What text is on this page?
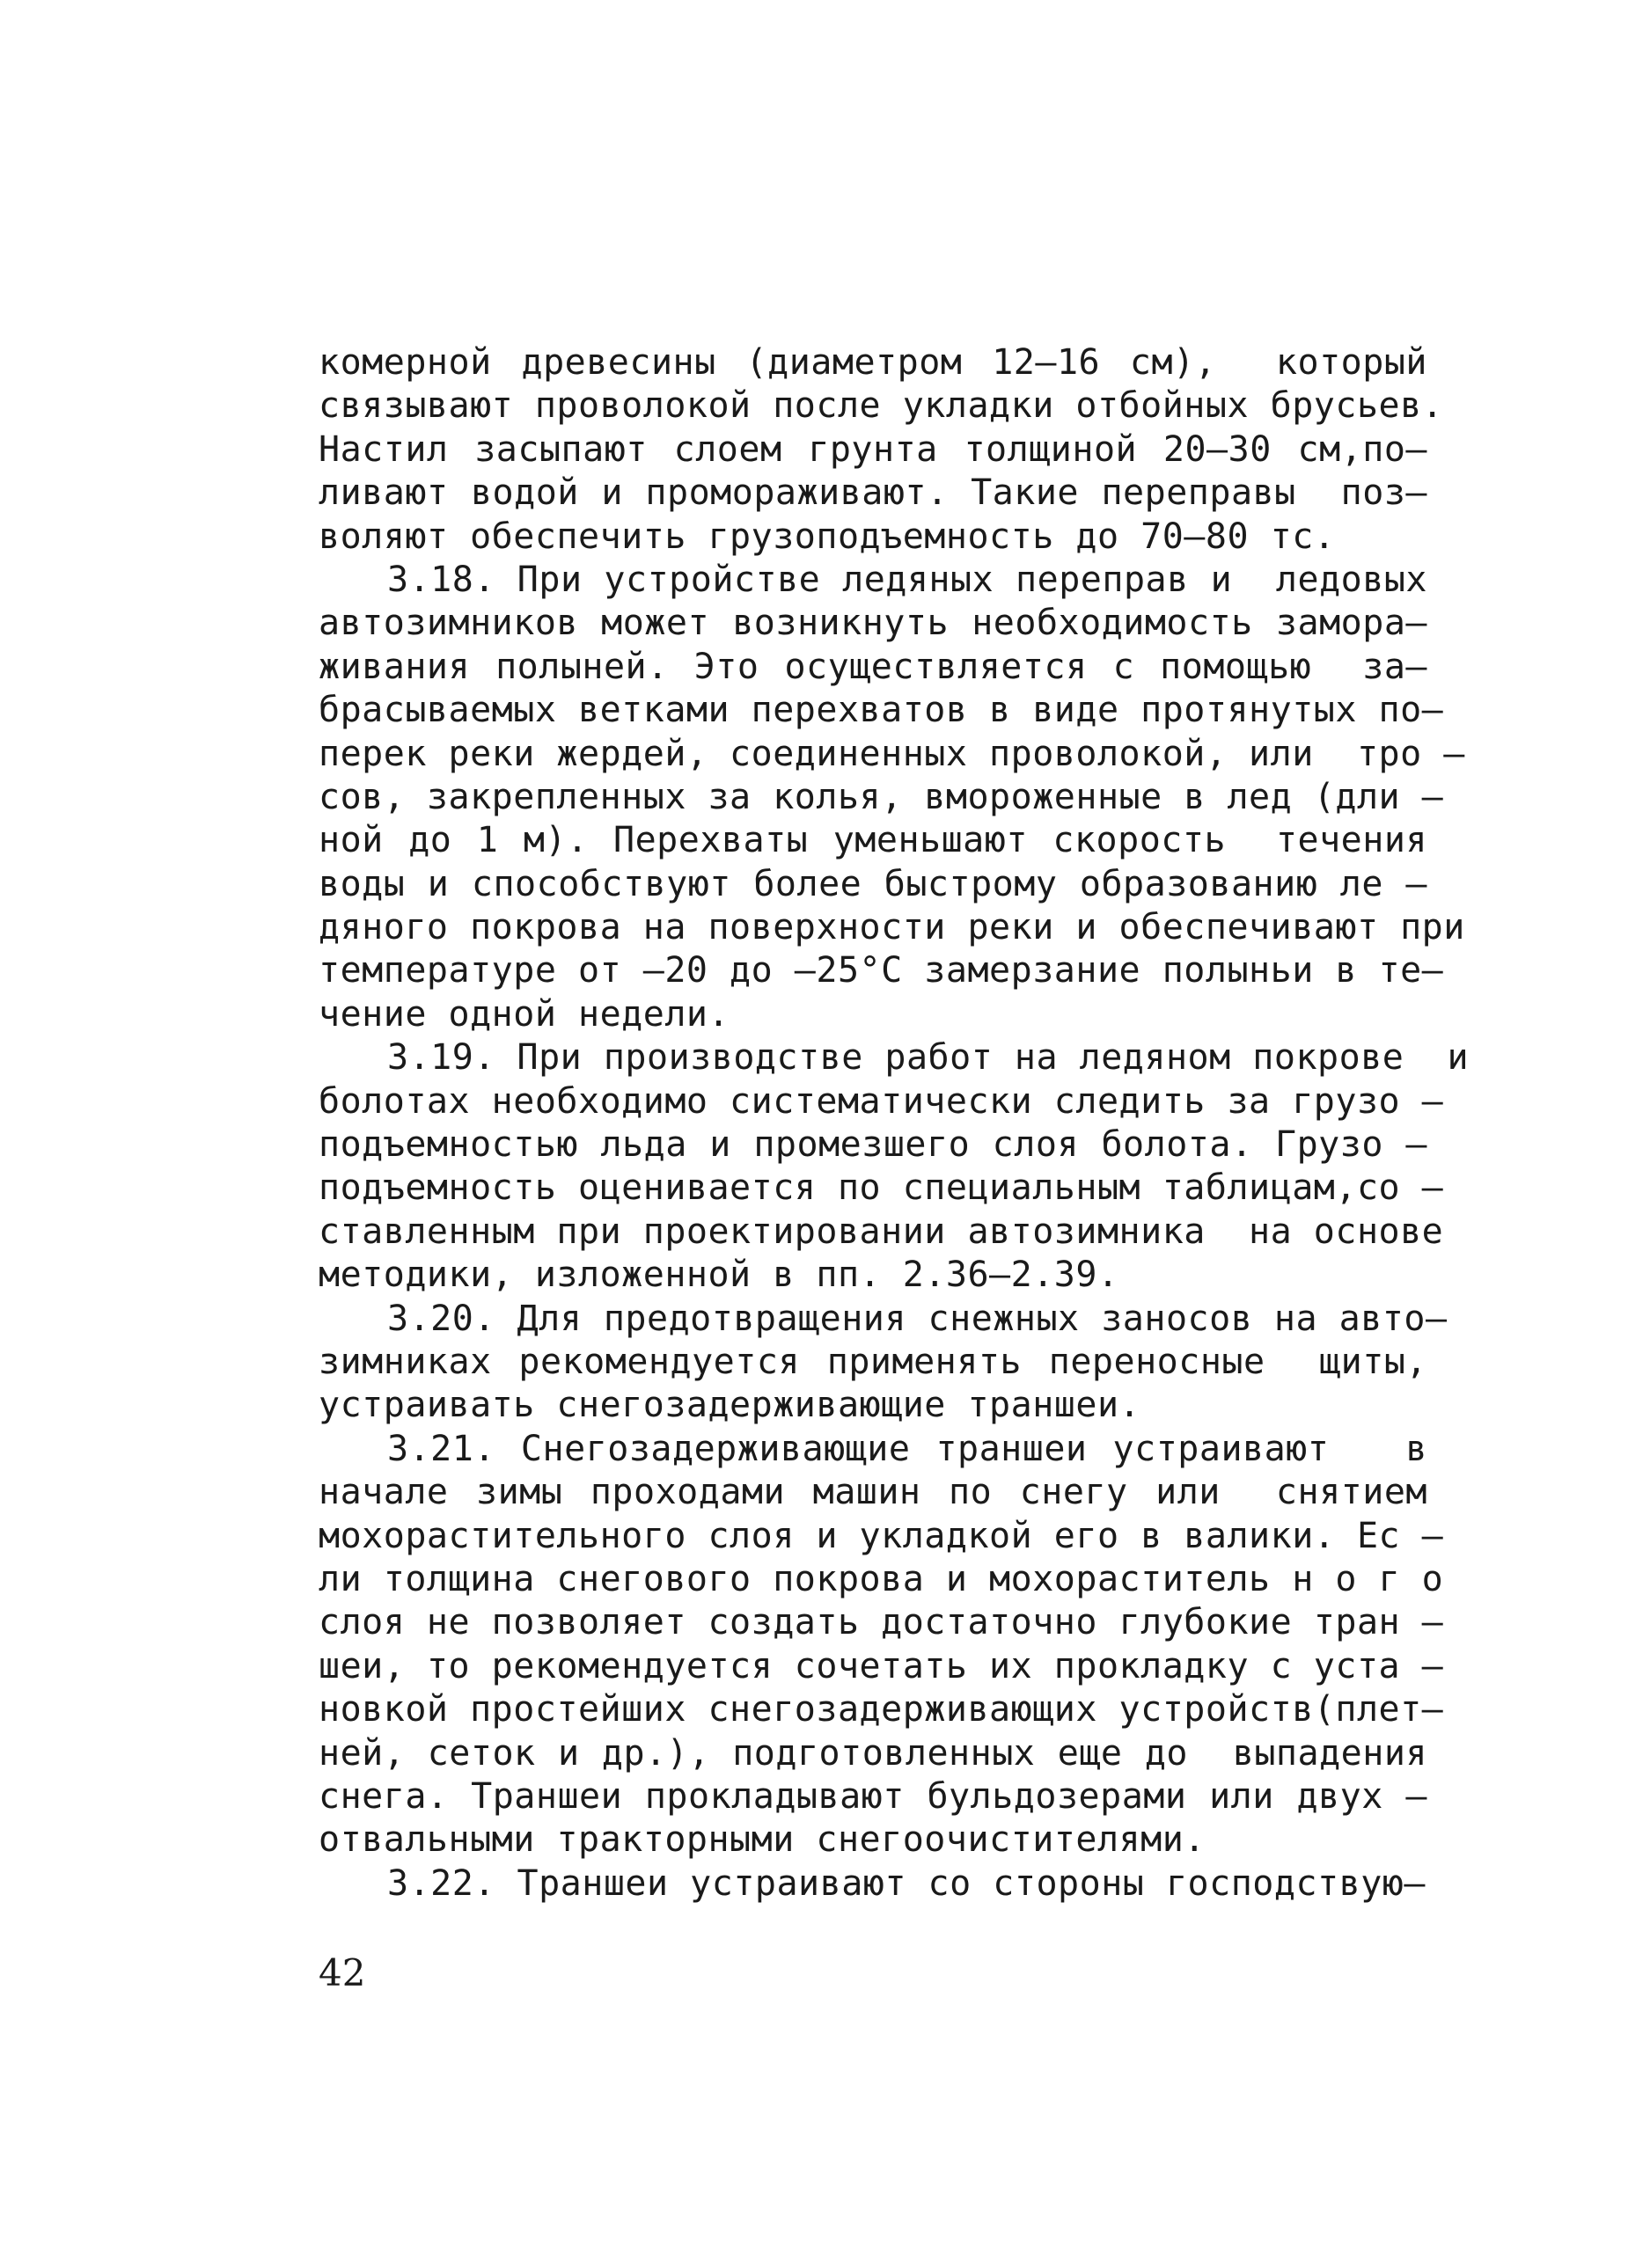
комерной древесины (диаметром 12–16 см),  который
связывают проволокой после укладки отбойных брусьев.
Настил засыпают слоем грунта толщиной 20–30 см,по–
ливают водой и промораживают. Такие переправы  поз–
воляют обеспечить грузоподъемность до 70–80 тс.
3.18. При устройстве ледяных переправ и  ледовых
автозимников может возникнуть необходимость замора–
живания полыней. Это осуществляется с помощью  за–
брасываемых ветками перехватов в виде протянутых по–
перек реки жердей, соединенных проволокой, или  тро –
сов, закрепленных за колья, вмороженные в лед (дли –
ной до 1 м). Перехваты уменьшают скорость  течения
воды и способствуют более быстрому образованию ле –
дяного покрова на поверхности реки и обеспечивают при
температуре от –20 до –25°С замерзание полыньи в те–
чение одной недели.
3.19. При производстве работ на ледяном покрове  и
болотах необходимо систематически следить за грузо –
подъемностью льда и промезшего слоя болота. Грузо –
подъемность оценивается по специальным таблицам,со –
ставленным при проектировании автозимника  на основе
методики, изложенной в пп. 2.36–2.39.
3.20. Для предотвращения снежных заносов на авто–
зимниках рекомендуется применять переносные  щиты,
устраивать снегозадерживающие траншеи.
3.21. Снегозадерживающие траншеи устраивают   в
начале зимы проходами машин по снегу или  снятием
мохорастительного слоя и укладкой его в валики. Ес –
ли толщина снегового покрова и мохораститель н о г о
слоя не позволяет создать достаточно глубокие тран –
шеи, то рекомендуется сочетать их прокладку с уста –
новкой простейших снегозадерживающих устройств(плет–
ней, сеток и др.), подготовленных еще до  выпадения
снега. Траншеи прокладывают бульдозерами или двух –
отвальными тракторными снегоочистителями.
3.22. Траншеи устраивают со стороны господствую–
42
